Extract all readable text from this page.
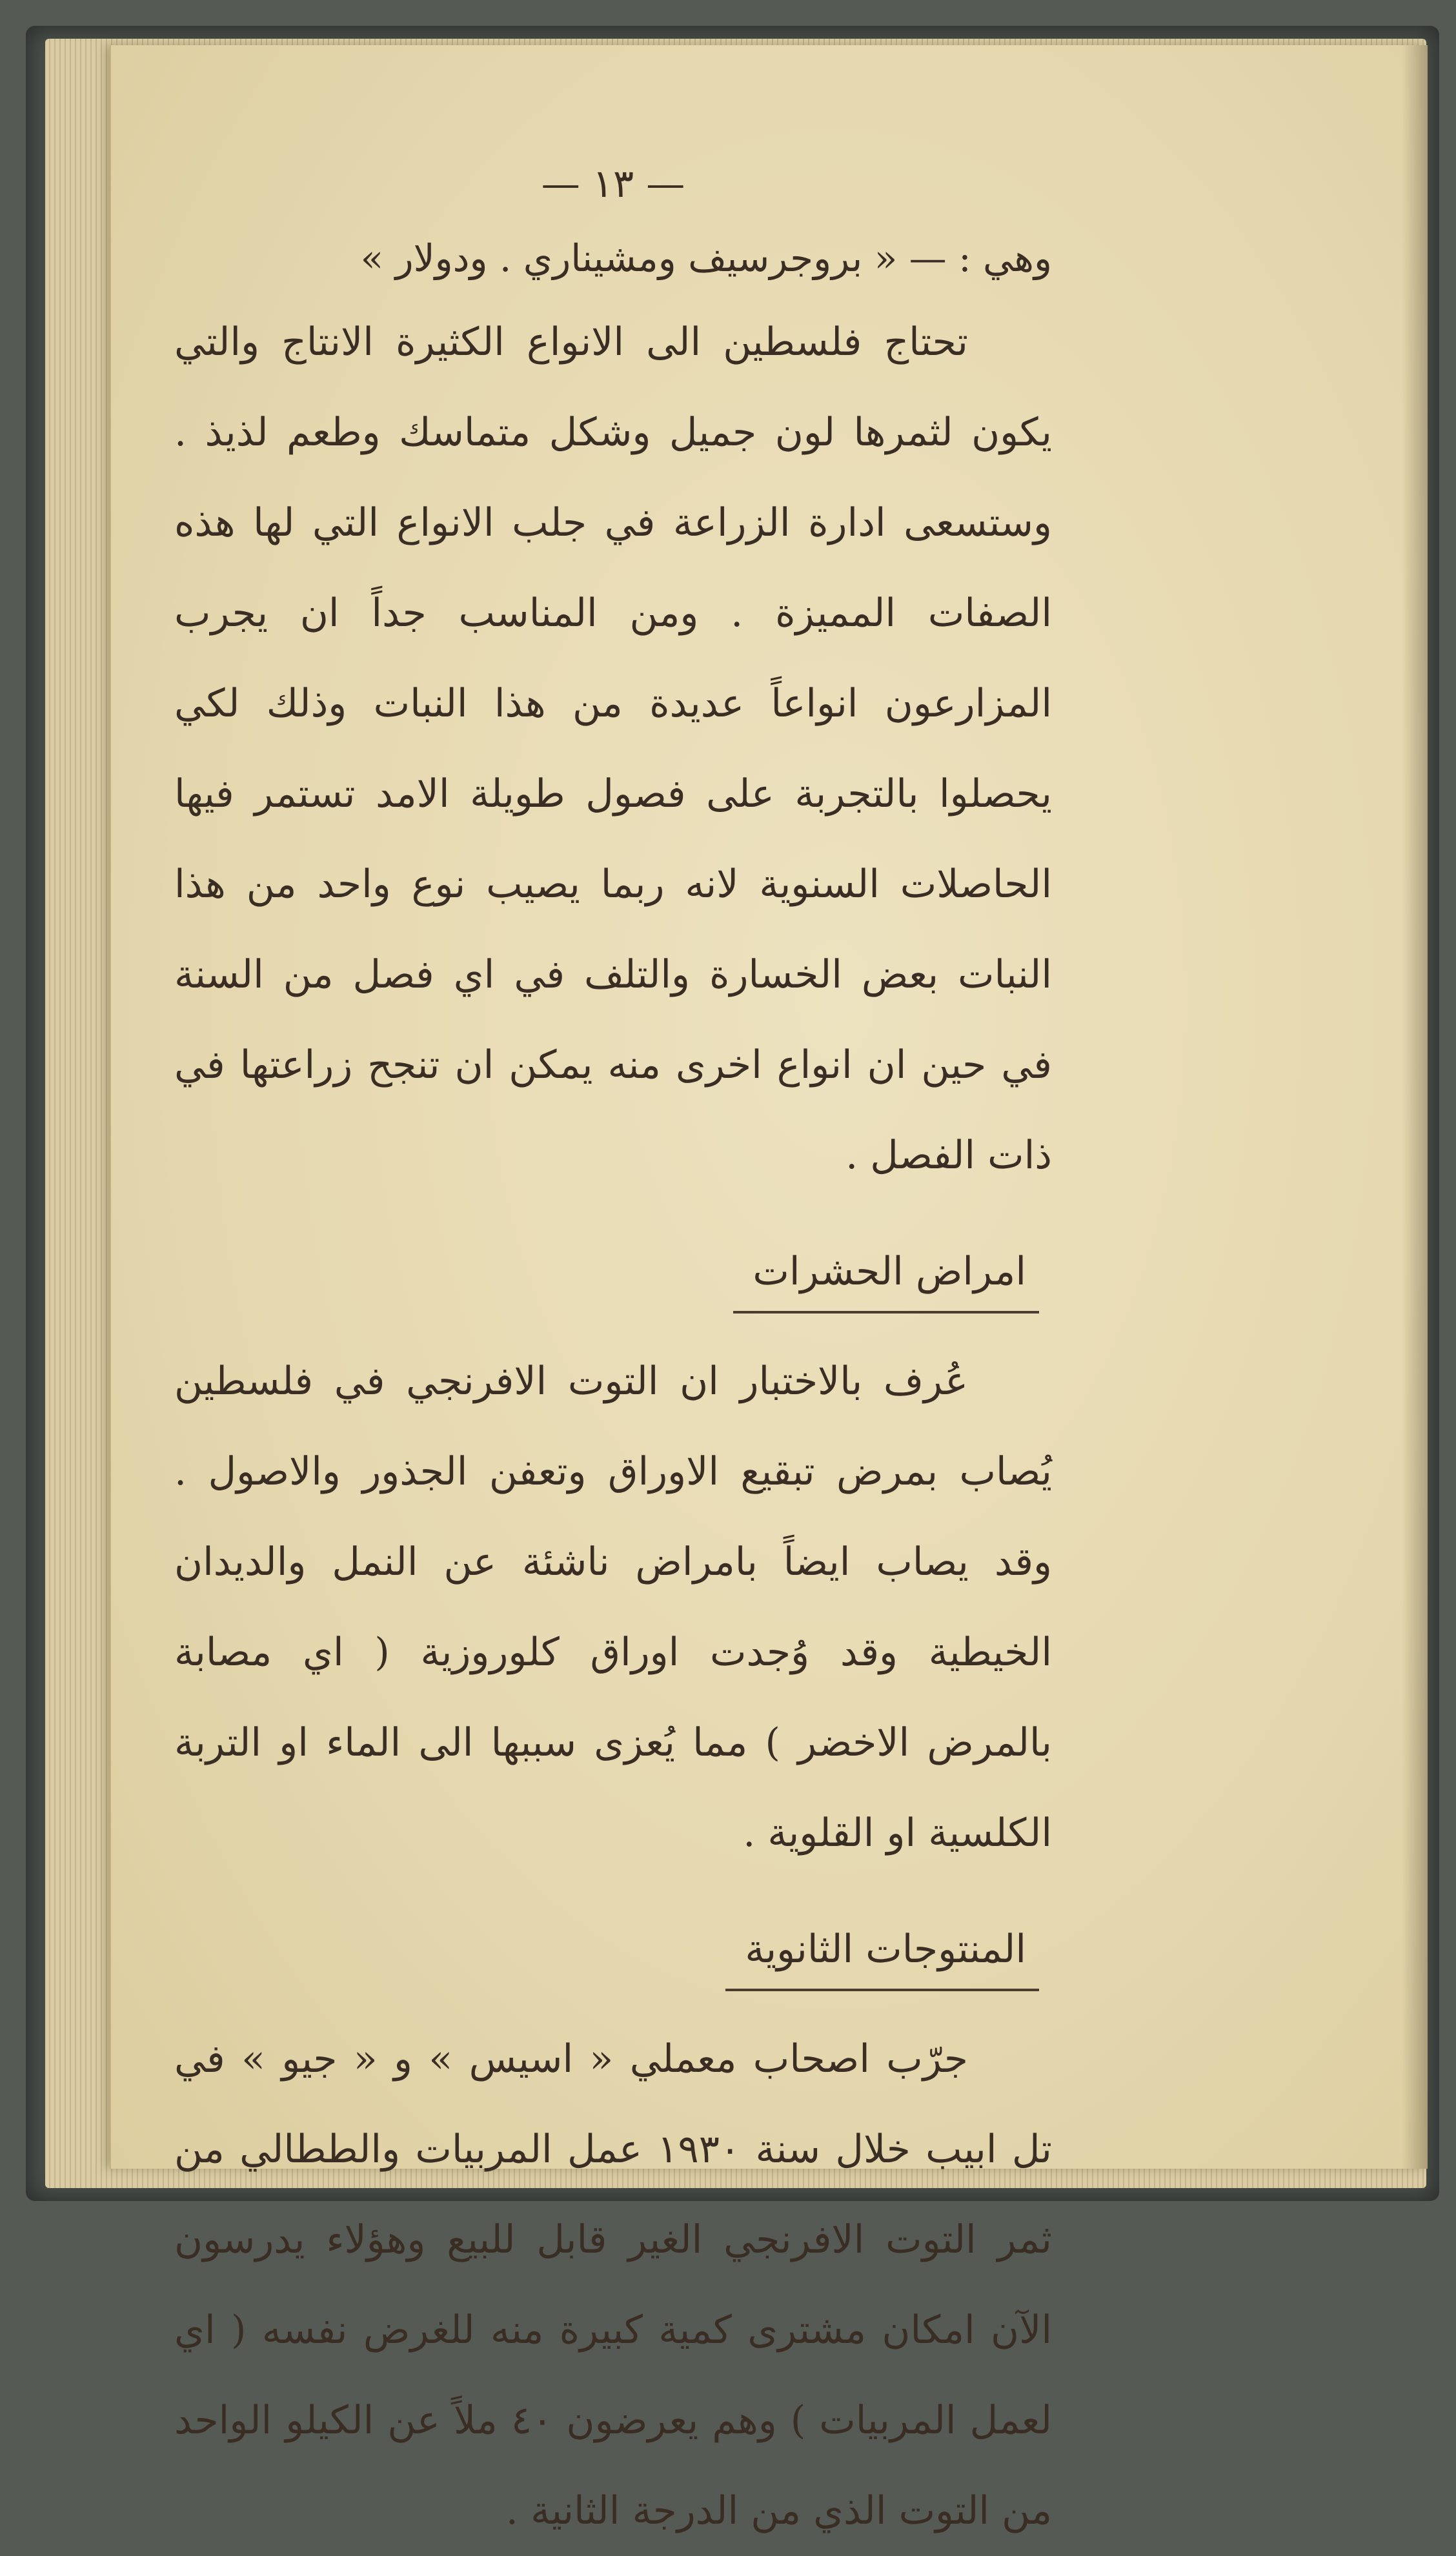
— ١٣ —

وهي : — « بروجرسيف ومشيناري . ودولار »

تحتاج فلسطين الى الانواع الكثيرة الانتاج والتي يكون لثمرها لون جميل وشكل متماسك وطعم لذيذ . وستسعى ادارة الزراعة في جلب الانواع التي لها هذه الصفات المميزة . ومن المناسب جداً ان يجرب المزارعون انواعاً عديدة من هذا النبات وذلك لكي يحصلوا بالتجربة على فصول طويلة الامد تستمر فيها الحاصلات السنوية لانه ربما يصيب نوع واحد من هذا النبات بعض الخسارة والتلف في اي فصل من السنة في حين ان انواع اخرى منه يمكن ان تنجح زراعتها في ذات الفصل .

امراض الحشرات

عُرف بالاختبار ان التوت الافرنجي في فلسطين يُصاب بمرض تبقيع الاوراق وتعفن الجذور والاصول . وقد يصاب ايضاً بامراض ناشئة عن النمل والديدان الخيطية وقد وُجدت اوراق كلوروزية ( اي مصابة بالمرض الاخضر ) مما يُعزى سببها الى الماء او التربة الكلسية او القلوية .

المنتوجات الثانوية

جرّب اصحاب معملي « اسيس » و « جيو » في تل ابيب خلال سنة ١٩٣٠ عمل المربيات والططالي من ثمر التوت الافرنجي الغير قابل للبيع وهؤلاء يدرسون الآن امكان مشترى كمية كبيرة منه للغرض نفسه ( اي لعمل المربيات ) وهم يعرضون ٤٠ ملاً عن الكيلو الواحد من التوت الذي من الدرجة الثانية .
